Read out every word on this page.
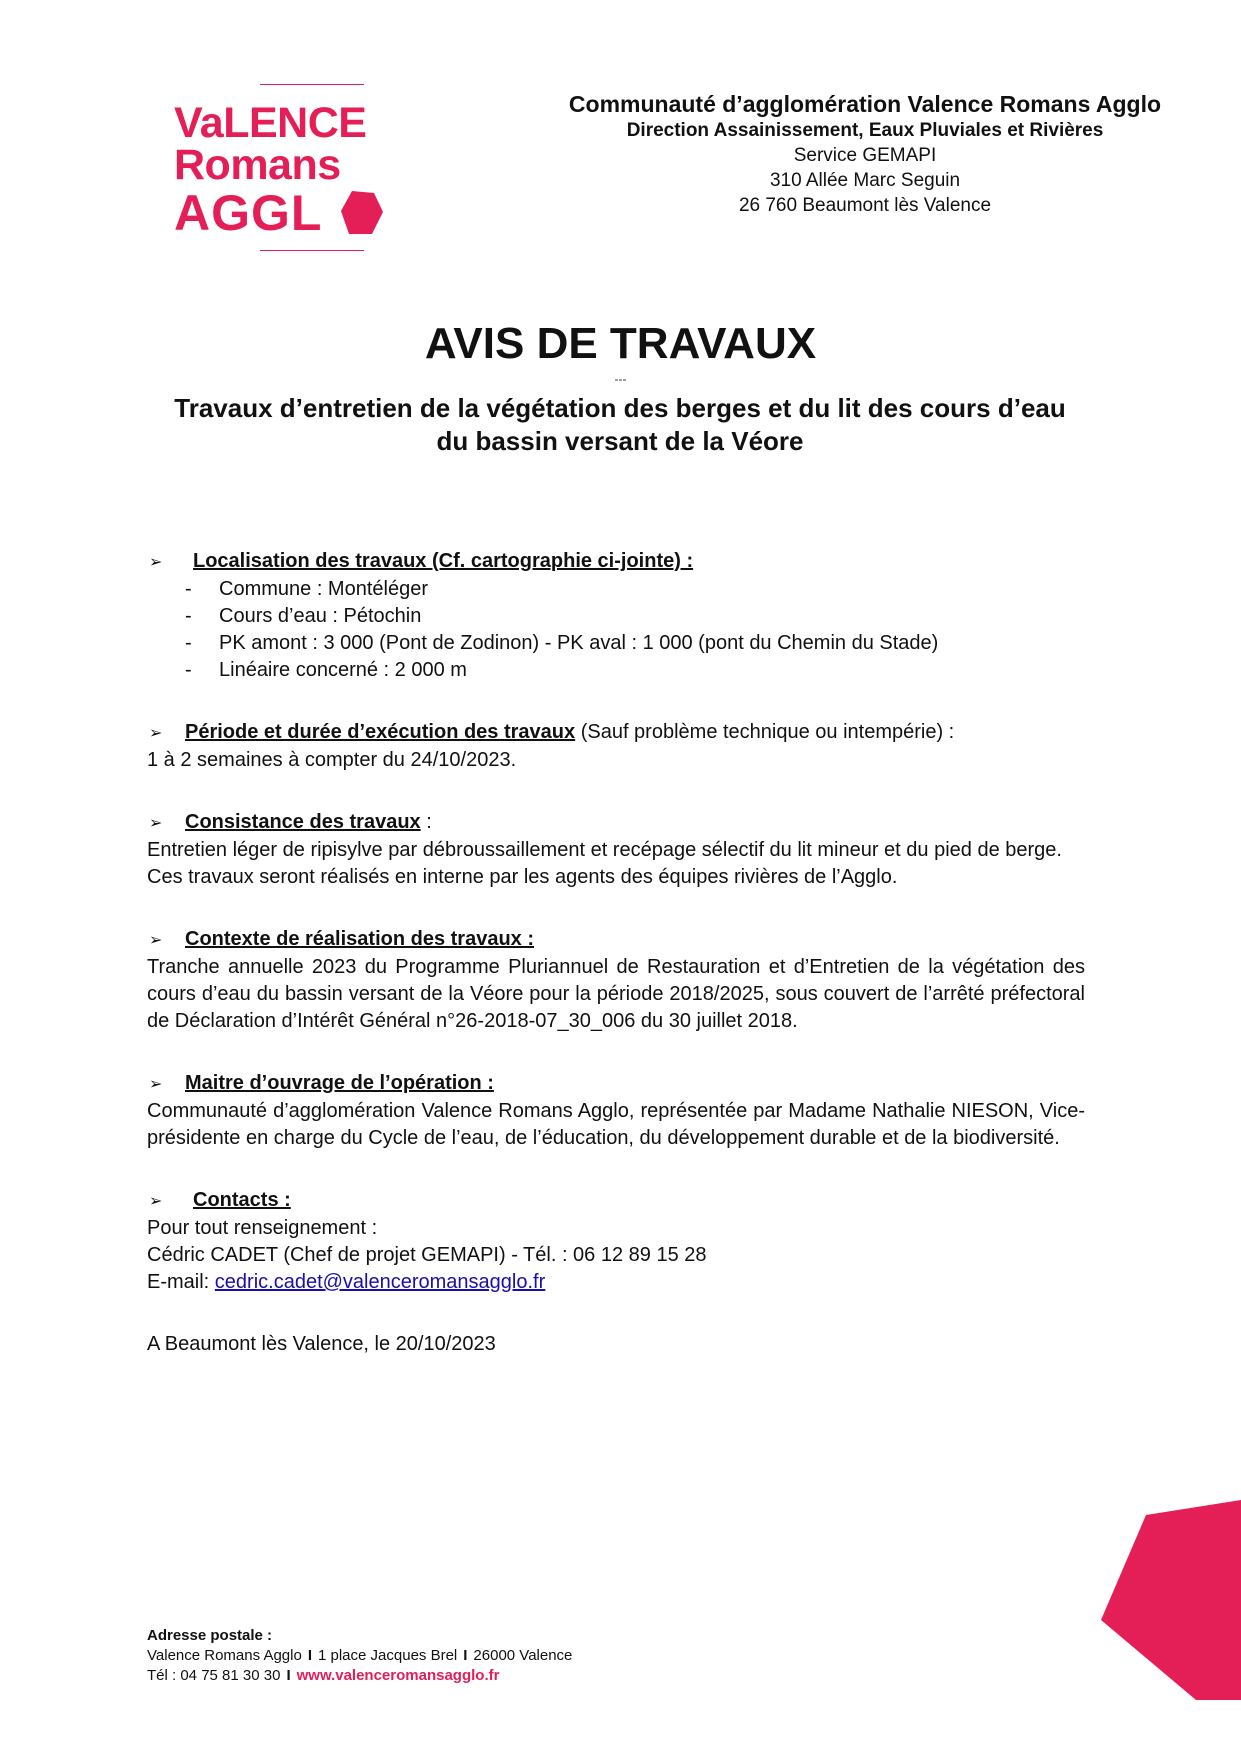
VaLENCE
Romans
AGGL
Communauté d’agglomération Valence Romans Agglo
Direction Assainissement, Eaux Pluviales et Rivières
Service GEMAPI
310 Allée Marc Seguin
26 760 Beaumont lès Valence
AVIS DE TRAVAUX
---
Travaux d’entretien de la végétation des berges et du lit des cours d’eau
du bassin versant de la Véore
➢	Localisation des travaux (Cf. cartographie ci-jointe) :
-	Commune : Montéléger
-	Cours d’eau : Pétochin
-	PK amont : 3 000 (Pont de Zodinon) - PK aval : 1 000 (pont du Chemin du Stade)
-	Linéaire concerné : 2 000 m
➢	Période et durée d’exécution des travaux (Sauf problème technique ou intempérie) :
1 à 2 semaines à compter du 24/10/2023.
➢	Consistance des travaux :
Entretien léger de ripisylve par débroussaillement et recépage sélectif du lit mineur et du pied de berge.
Ces travaux seront réalisés en interne par les agents des équipes rivières de l’Agglo.
➢	Contexte de réalisation des travaux :
Tranche annuelle 2023 du Programme Pluriannuel de Restauration et d’Entretien de la végétation des cours d’eau du bassin versant de la Véore pour la période 2018/2025, sous couvert de l’arrêté préfectoral de Déclaration d’Intérêt Général n°26-2018-07_30_006 du 30 juillet 2018.
➢	Maitre d’ouvrage de l’opération :
Communauté d’agglomération Valence Romans Agglo, représentée par Madame Nathalie NIESON, Vice-présidente en charge du Cycle de l’eau, de l’éducation, du développement durable et de la biodiversité.
➢	Contacts :
Pour tout renseignement :
Cédric CADET (Chef de projet GEMAPI) - Tél. : 06 12 89 15 28
E-mail: cedric.cadet@valenceromansagglo.fr
A Beaumont lès Valence, le 20/10/2023
Adresse postale :
Valence Romans Agglo I 1 place Jacques Brel I 26000 Valence
Tél : 04 75 81 30 30 I www.valenceromansagglo.fr
